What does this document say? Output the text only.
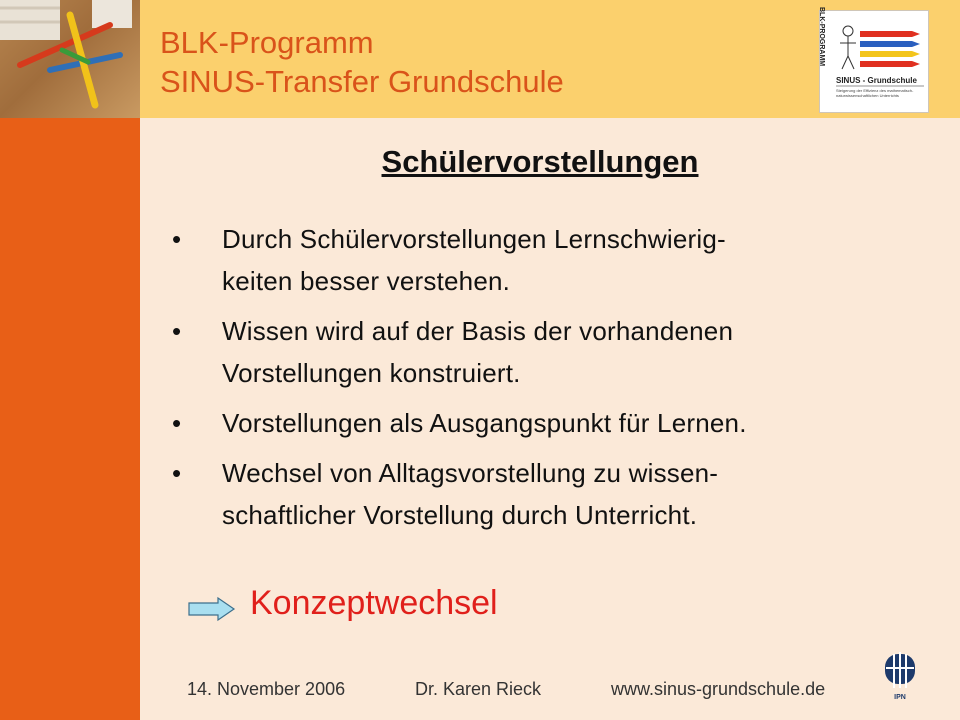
BLK-Programm
SINUS-Transfer Grundschule
BLK-PROGRAMM
SINUS - Grundschule
Steigerung der Effizienz des mathematisch-naturwissenschaftlichen Unterrichts
Schülervorstellungen
• Durch Schülervorstellungen Lernschwierig-
keiten besser verstehen.
• Wissen wird auf der Basis der vorhandenen
Vorstellungen konstruiert.
• Vorstellungen als Ausgangspunkt für Lernen.
• Wechsel von Alltagsvorstellung zu wissen-
schaftlicher Vorstellung durch Unterricht.
Konzeptwechsel
14. November 2006	Dr. Karen Rieck	www.sinus-grundschule.de	IPN
